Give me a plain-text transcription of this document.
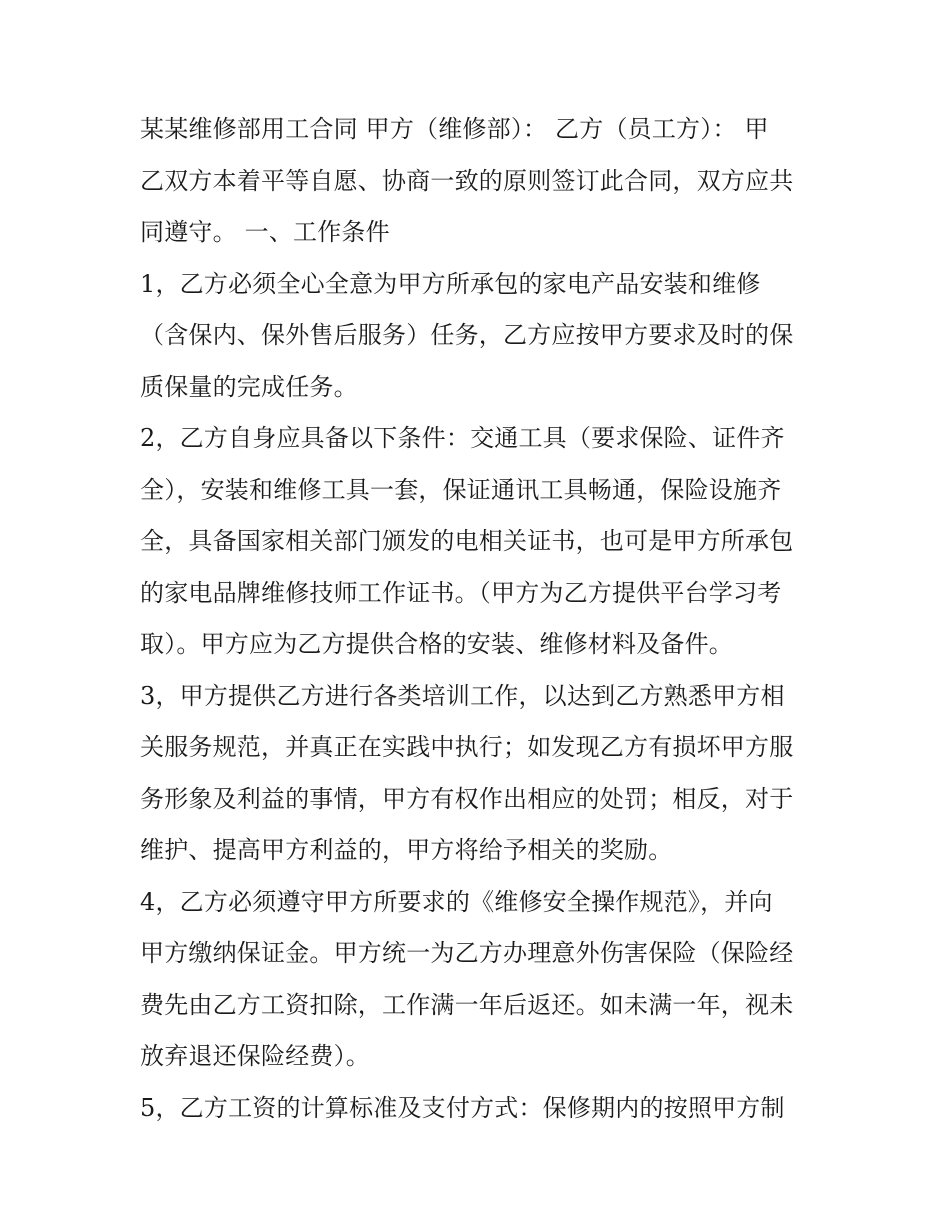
某某维修部用工合同 甲方（维修部）： 乙方（员工方）： 甲
乙双方本着平等自愿、协商一致的原则签订此合同，双方应共
同遵守。 一、工作条件
1，乙方必须全心全意为甲方所承包的家电产品安装和维修
（含保内、保外售后服务）任务，乙方应按甲方要求及时的保
质保量的完成任务。
2，乙方自身应具备以下条件：交通工具（要求保险、证件齐
全），安装和维修工具一套，保证通讯工具畅通，保险设施齐
全，具备国家相关部门颁发的电相关证书，也可是甲方所承包
的家电品牌维修技师工作证书。（甲方为乙方提供平台学习考
取）。甲方应为乙方提供合格的安装、维修材料及备件。
3，甲方提供乙方进行各类培训工作，以达到乙方熟悉甲方相
关服务规范，并真正在实践中执行；如发现乙方有损坏甲方服
务形象及利益的事情，甲方有权作出相应的处罚；相反，对于
维护、提高甲方利益的，甲方将给予相关的奖励。
4，乙方必须遵守甲方所要求的《维修安全操作规范》，并向
甲方缴纳保证金。甲方统一为乙方办理意外伤害保险（保险经
费先由乙方工资扣除，工作满一年后返还。如未满一年，视未
放弃退还保险经费）。
5，乙方工资的计算标准及支付方式：保修期内的按照甲方制
